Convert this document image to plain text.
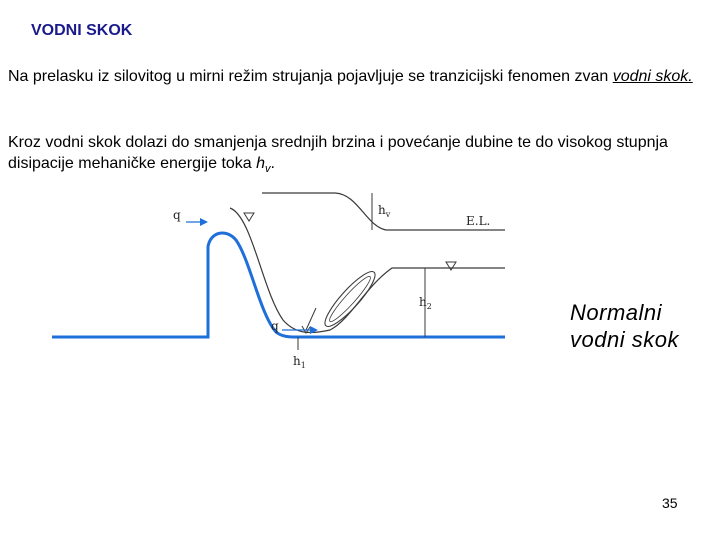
VODNI SKOK
Na prelasku iz silovitog u mirni režim strujanja pojavljuje se tranzicijski fenomen zvan vodni skok.
Kroz vodni skok dolazi do smanjenja srednjih brzina i povećanje dubine te do visokog stupnja disipacije mehaničke energije toka $h_v$.
q
q
$h_v$	E.L.
$h_2$
$h_1$
Normalni
vodni skok
35
